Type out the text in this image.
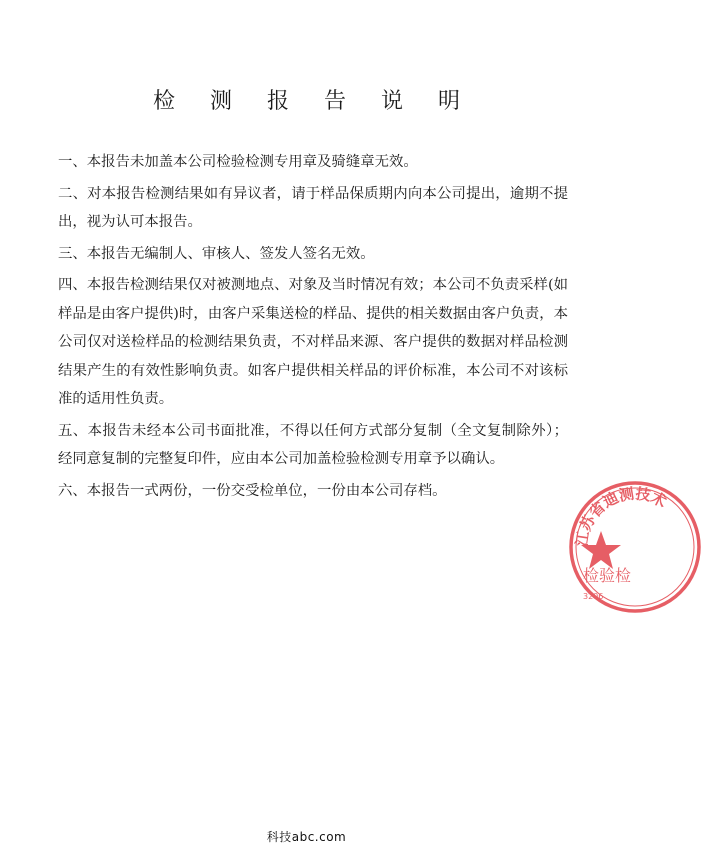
检 测 报 告 说 明

一、本报告未加盖本公司检验检测专用章及骑缝章无效。

二、对本报告检测结果如有异议者，请于样品保质期内向本公司提出，逾期不提出，视为认可本报告。

三、本报告无编制人、审核人、签发人签名无效。

四、本报告检测结果仅对被测地点、对象及当时情况有效；本公司不负责采样(如样品是由客户提供)时，由客户采集送检的样品、提供的相关数据由客户负责，本公司仅对送检样品的检测结果负责，不对样品来源、客户提供的数据对样品检测结果产生的有效性影响负责。如客户提供相关样品的评价标准，本公司不对该标准的适用性负责。

五、本报告未经本公司书面批准，不得以任何方式部分复制（全文复制除外）；经同意复制的完整复印件，应由本公司加盖检验检测专用章予以确认。

六、本报告一式两份，一份交受检单位，一份由本公司存档。

江苏省迪测技术
检验检
3206
科技abc.com
